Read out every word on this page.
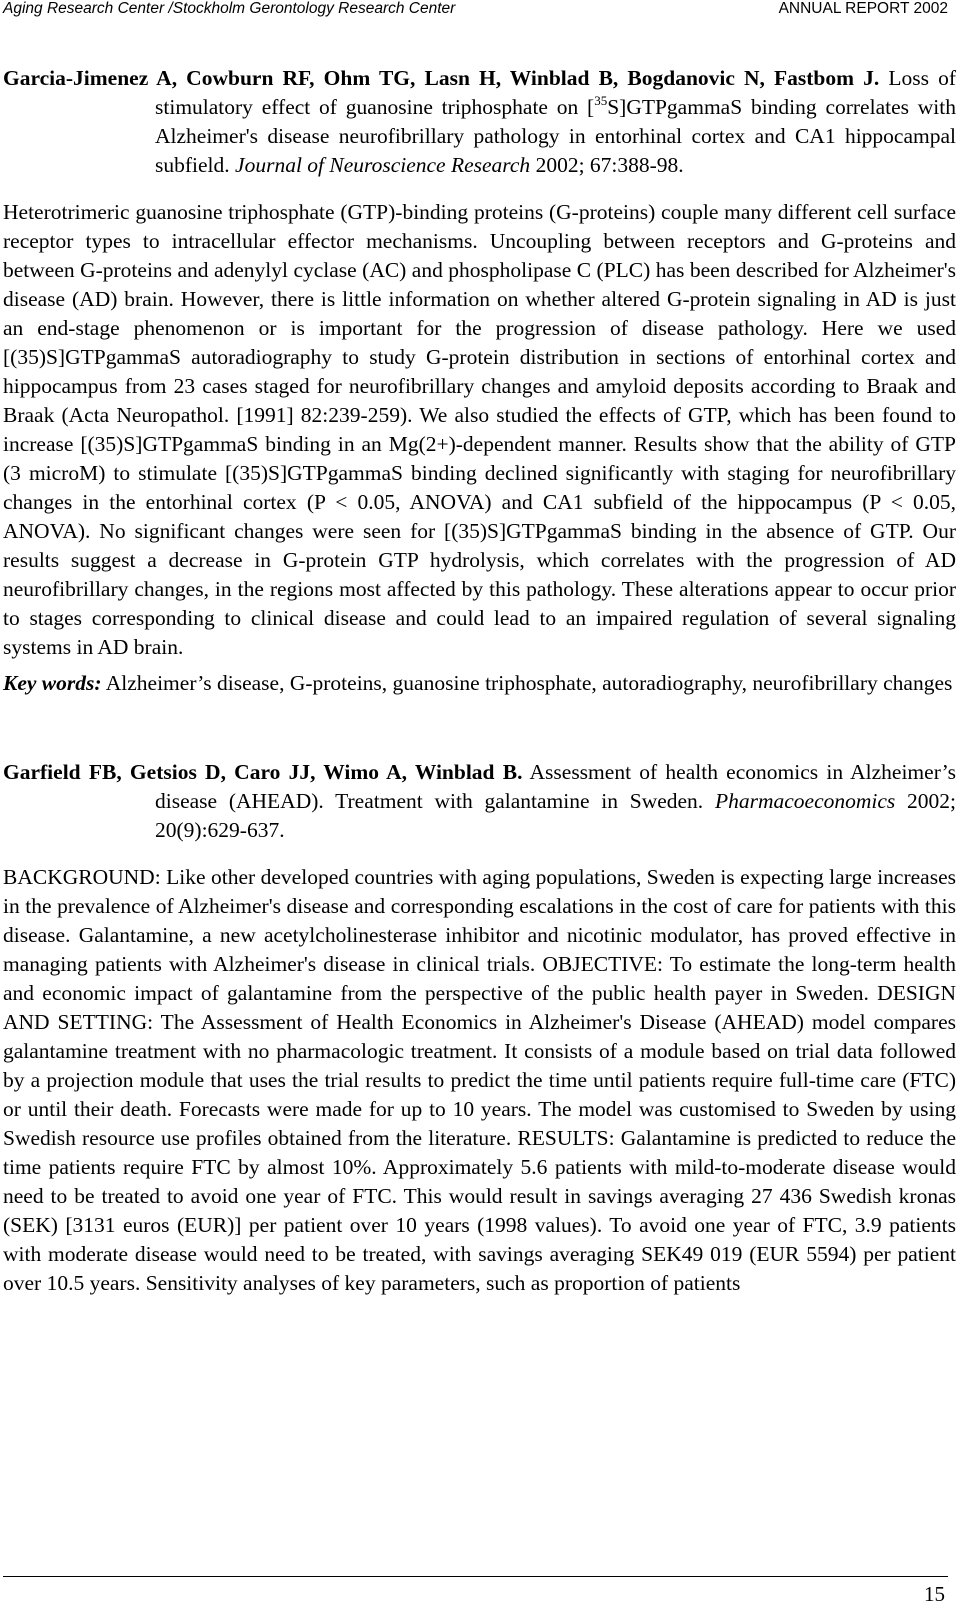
Aging Research Center /Stockholm Gerontology Research Center	ANNUAL REPORT 2002

Garcia-Jimenez A, Cowburn RF, Ohm TG, Lasn H, Winblad B, Bogdanovic N, Fastbom J. Loss of stimulatory effect of guanosine triphosphate on [$^{35}$S]GTPgammaS binding correlates with Alzheimer's disease neurofibrillary pathology in entorhinal cortex and CA1 hippocampal subfield. Journal of Neuroscience Research 2002; 67:388-98.

Heterotrimeric guanosine triphosphate (GTP)-binding proteins (G-proteins) couple many different cell surface receptor types to intracellular effector mechanisms. Uncoupling between receptors and G-proteins and between G-proteins and adenylyl cyclase (AC) and phospholipase C (PLC) has been described for Alzheimer's disease (AD) brain. However, there is little information on whether altered G-protein signaling in AD is just an end-stage phenomenon or is important for the progression of disease pathology. Here we used [(35)S]GTPgammaS autoradiography to study G-protein distribution in sections of entorhinal cortex and hippocampus from 23 cases staged for neurofibrillary changes and amyloid deposits according to Braak and Braak (Acta Neuropathol. [1991] 82:239-259). We also studied the effects of GTP, which has been found to increase [(35)S]GTPgammaS binding in an Mg(2+)-dependent manner. Results show that the ability of GTP (3 microM) to stimulate [(35)S]GTPgammaS binding declined significantly with staging for neurofibrillary changes in the entorhinal cortex (P < 0.05, ANOVA) and CA1 subfield of the hippocampus (P < 0.05, ANOVA). No significant changes were seen for [(35)S]GTPgammaS binding in the absence of GTP. Our results suggest a decrease in G-protein GTP hydrolysis, which correlates with the progression of AD neurofibrillary changes, in the regions most affected by this pathology. These alterations appear to occur prior to stages corresponding to clinical disease and could lead to an impaired regulation of several signaling systems in AD brain.

Key words: Alzheimer’s disease, G-proteins, guanosine triphosphate, autoradiography, neurofibrillary changes

Garfield FB, Getsios D, Caro JJ, Wimo A, Winblad B. Assessment of health economics in Alzheimer’s disease (AHEAD). Treatment with galantamine in Sweden. Pharmacoeconomics 2002; 20(9):629-637.

BACKGROUND: Like other developed countries with aging populations, Sweden is expecting large increases in the prevalence of Alzheimer's disease and corresponding escalations in the cost of care for patients with this disease. Galantamine, a new acetylcholinesterase inhibitor and nicotinic modulator, has proved effective in managing patients with Alzheimer's disease in clinical trials. OBJECTIVE: To estimate the long-term health and economic impact of galantamine from the perspective of the public health payer in Sweden. DESIGN AND SETTING: The Assessment of Health Economics in Alzheimer's Disease (AHEAD) model compares galantamine treatment with no pharmacologic treatment. It consists of a module based on trial data followed by a projection module that uses the trial results to predict the time until patients require full-time care (FTC) or until their death. Forecasts were made for up to 10 years. The model was customised to Sweden by using Swedish resource use profiles obtained from the literature. RESULTS: Galantamine is predicted to reduce the time patients require FTC by almost 10%. Approximately 5.6 patients with mild-to-moderate disease would need to be treated to avoid one year of FTC. This would result in savings averaging 27 436 Swedish kronas (SEK) [3131 euros (EUR)] per patient over 10 years (1998 values). To avoid one year of FTC, 3.9 patients with moderate disease would need to be treated, with savings averaging SEK49 019 (EUR 5594) per patient over 10.5 years. Sensitivity analyses of key parameters, such as proportion of patients

15
